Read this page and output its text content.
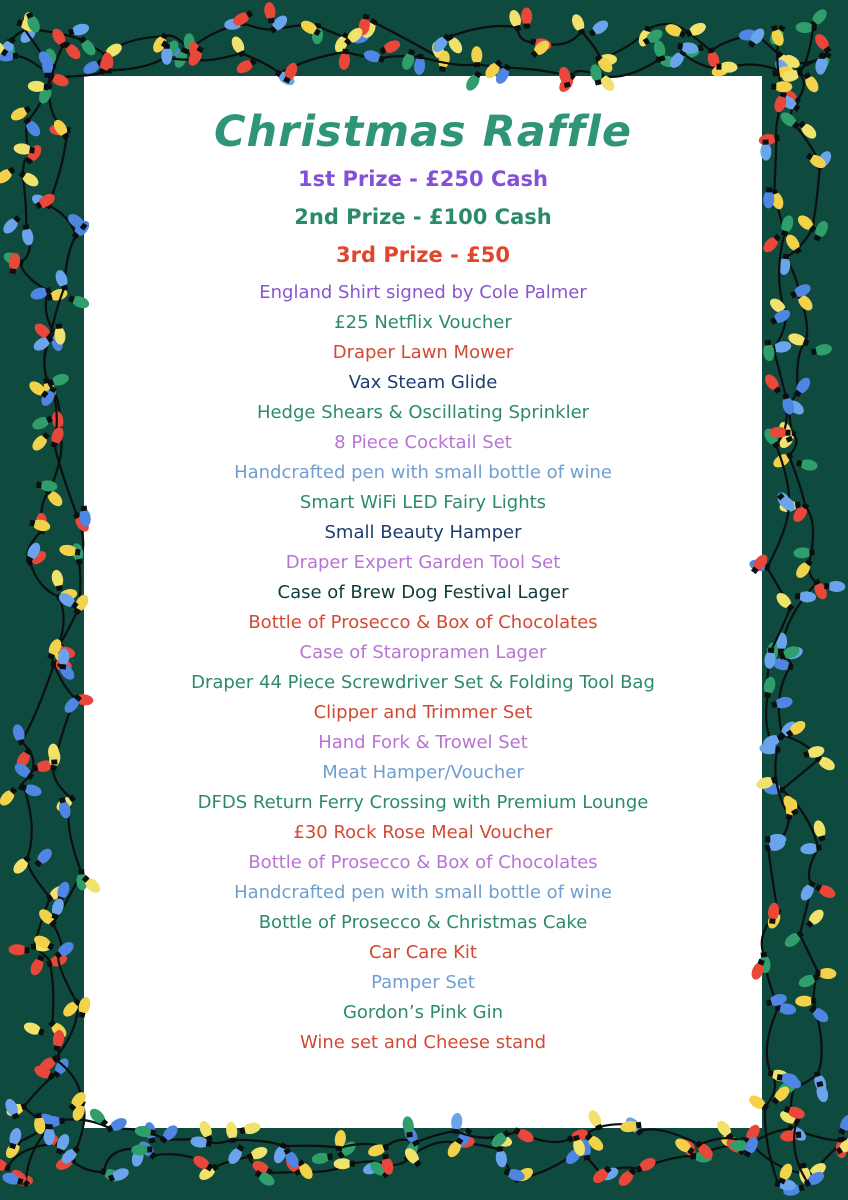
Christmas Raffle
1st Prize - £250 Cash
2nd Prize - £100 Cash
3rd Prize - £50
England Shirt signed by Cole Palmer
£25 Netflix Voucher
Draper Lawn Mower
Vax Steam Glide
Hedge Shears & Oscillating Sprinkler
8 Piece Cocktail Set
Handcrafted pen with small bottle of wine
Smart WiFi LED Fairy Lights
Small Beauty Hamper
Draper Expert Garden Tool Set
Case of Brew Dog Festival Lager
Bottle of Prosecco & Box of Chocolates
Case of Staropramen Lager
Draper 44 Piece Screwdriver Set & Folding Tool Bag
Clipper and Trimmer Set
Hand Fork & Trowel Set
Meat Hamper/Voucher
DFDS Return Ferry Crossing with Premium Lounge
£30 Rock Rose Meal Voucher
Bottle of Prosecco & Box of Chocolates
Handcrafted pen with small bottle of wine
Bottle of Prosecco & Christmas Cake
Car Care Kit
Pamper Set
Gordon’s Pink Gin
Wine set and Cheese stand
